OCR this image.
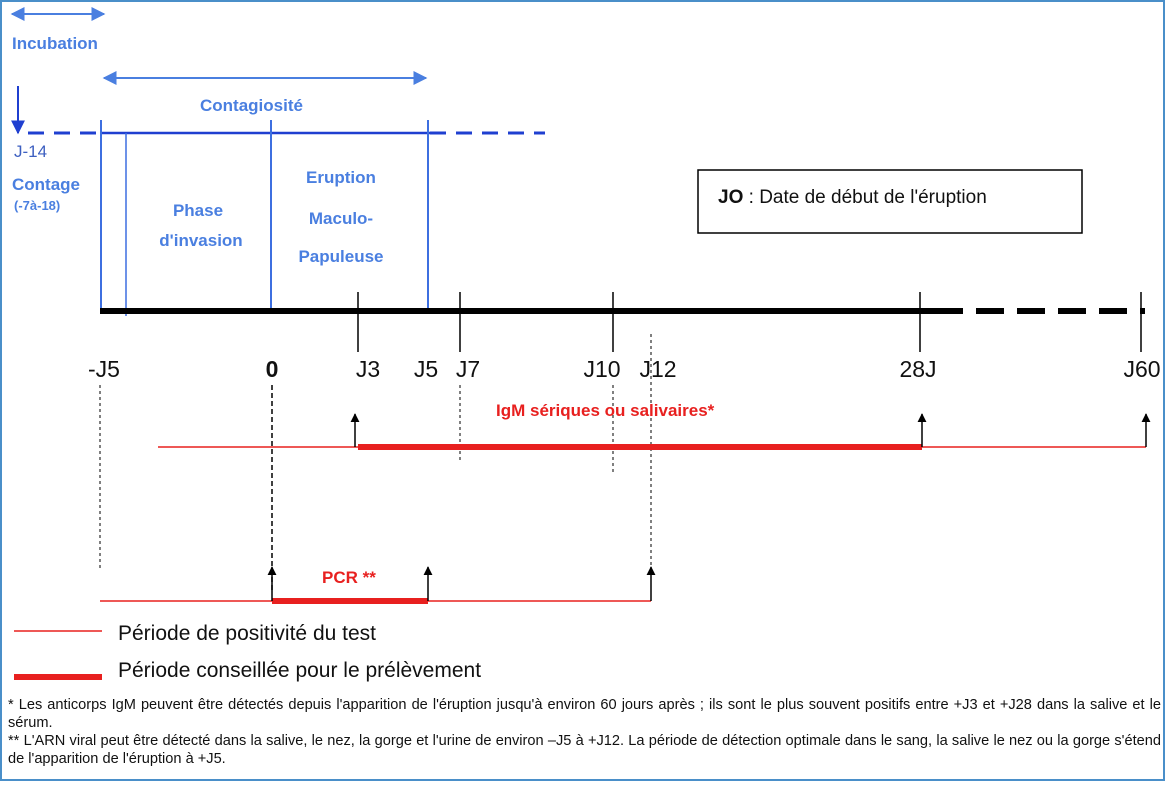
Incubation
Contagiosité
J-14
Contage
(-7à-18)	Phase
d'invasion
Eruption
Maculo-
Papuleuse
JO : Date de début de l'éruption
-J5	0	J3 J5 J7	J10 J12	28J	J60
IgM sériques ou salivaires*
PCR **
Période de positivité du test
Période conseillée pour le prélèvement

* Les anticorps IgM peuvent être détectés depuis l'apparition de l'éruption jusqu'à environ 60 jours après ; ils sont le plus souvent positifs entre +J3 et +J28 dans la salive et le sérum.

** L'ARN viral peut être détecté dans la salive, le nez, la gorge et l'urine de environ –J5 à +J12. La période de détection optimale dans le sang, la salive le nez ou la gorge s'étend de l'apparition de l'éruption à +J5.
